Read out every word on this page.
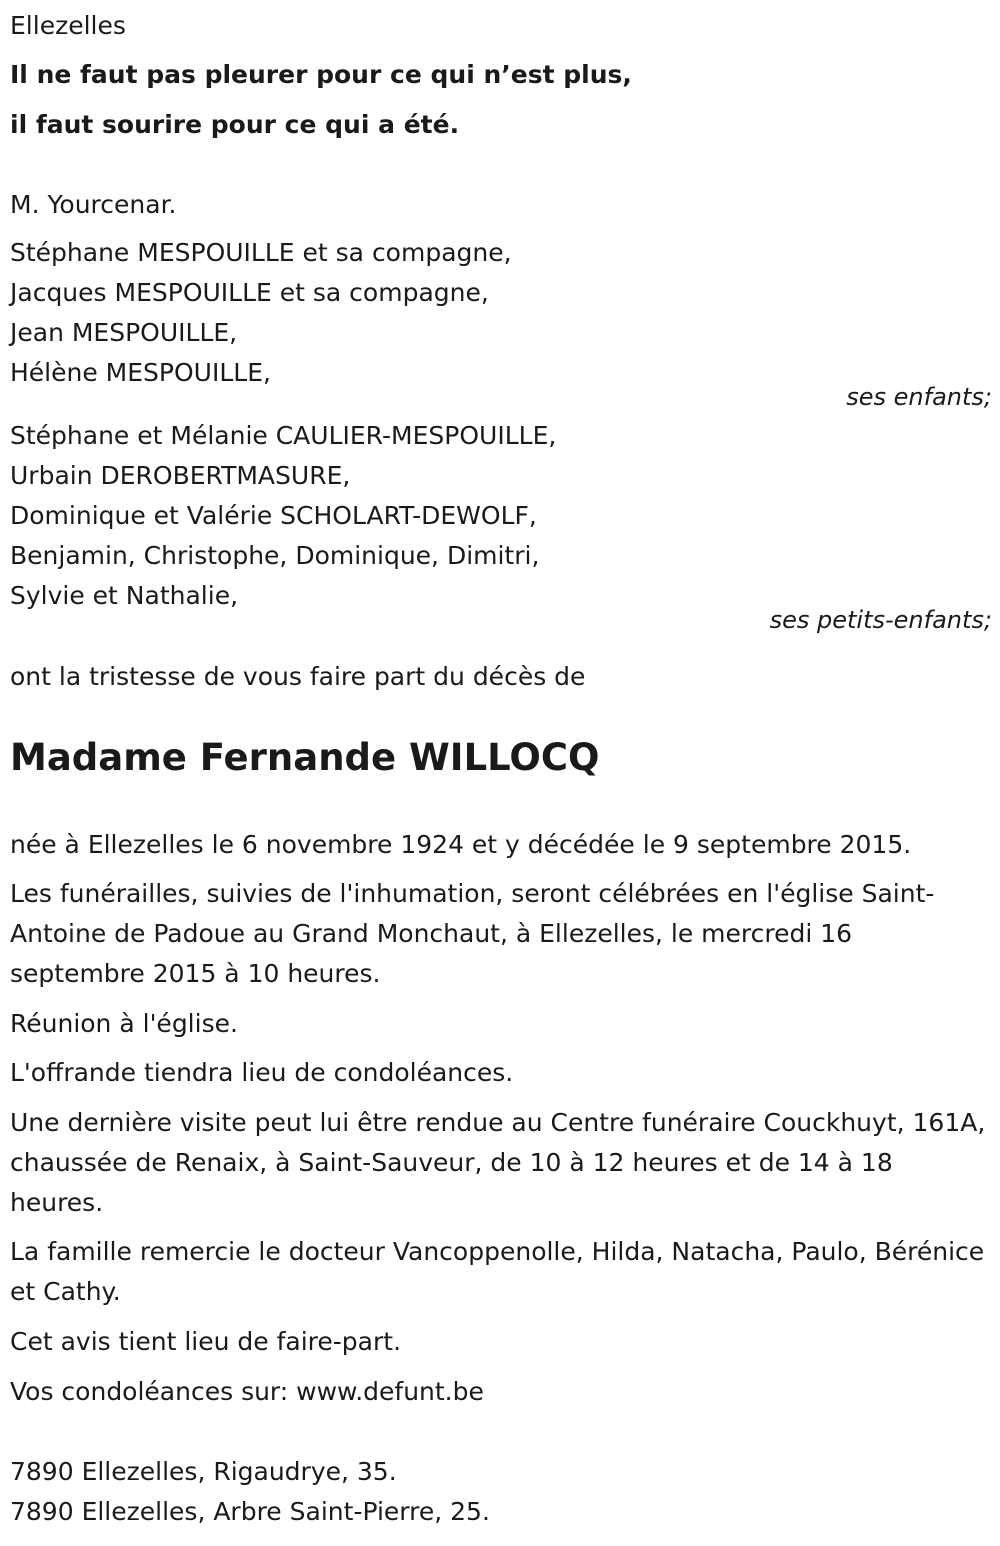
Ellezelles
Il ne faut pas pleurer pour ce qui n’est plus,
il faut sourire pour ce qui a été.
M. Yourcenar.
Stéphane MESPOUILLE et sa compagne,
Jacques MESPOUILLE et sa compagne,
Jean MESPOUILLE,
Hélène MESPOUILLE,
ses enfants;
Stéphane et Mélanie CAULIER-MESPOUILLE,
Urbain DEROBERTMASURE,
Dominique et Valérie SCHOLART-DEWOLF,
Benjamin, Christophe, Dominique, Dimitri,
Sylvie et Nathalie,
ses petits-enfants;
ont la tristesse de vous faire part du décès de
Madame Fernande WILLOCQ
née à Ellezelles le 6 novembre 1924 et y décédée le 9 septembre 2015.
Les funérailles, suivies de l'inhumation, seront célébrées en l'église Saint-Antoine de Padoue au Grand Monchaut, à Ellezelles, le mercredi 16 septembre 2015 à 10 heures.
Réunion à l'église.
L'offrande tiendra lieu de condoléances.
Une dernière visite peut lui être rendue au Centre funéraire Couckhuyt, 161A, chaussée de Renaix, à Saint-Sauveur, de 10 à 12 heures et de 14 à 18 heures.
La famille remercie le docteur Vancoppenolle, Hilda, Natacha, Paulo, Bérénice et Cathy.
Cet avis tient lieu de faire-part.
Vos condoléances sur: www.defunt.be
7890 Ellezelles, Rigaudrye, 35.
7890 Ellezelles, Arbre Saint-Pierre, 25.
